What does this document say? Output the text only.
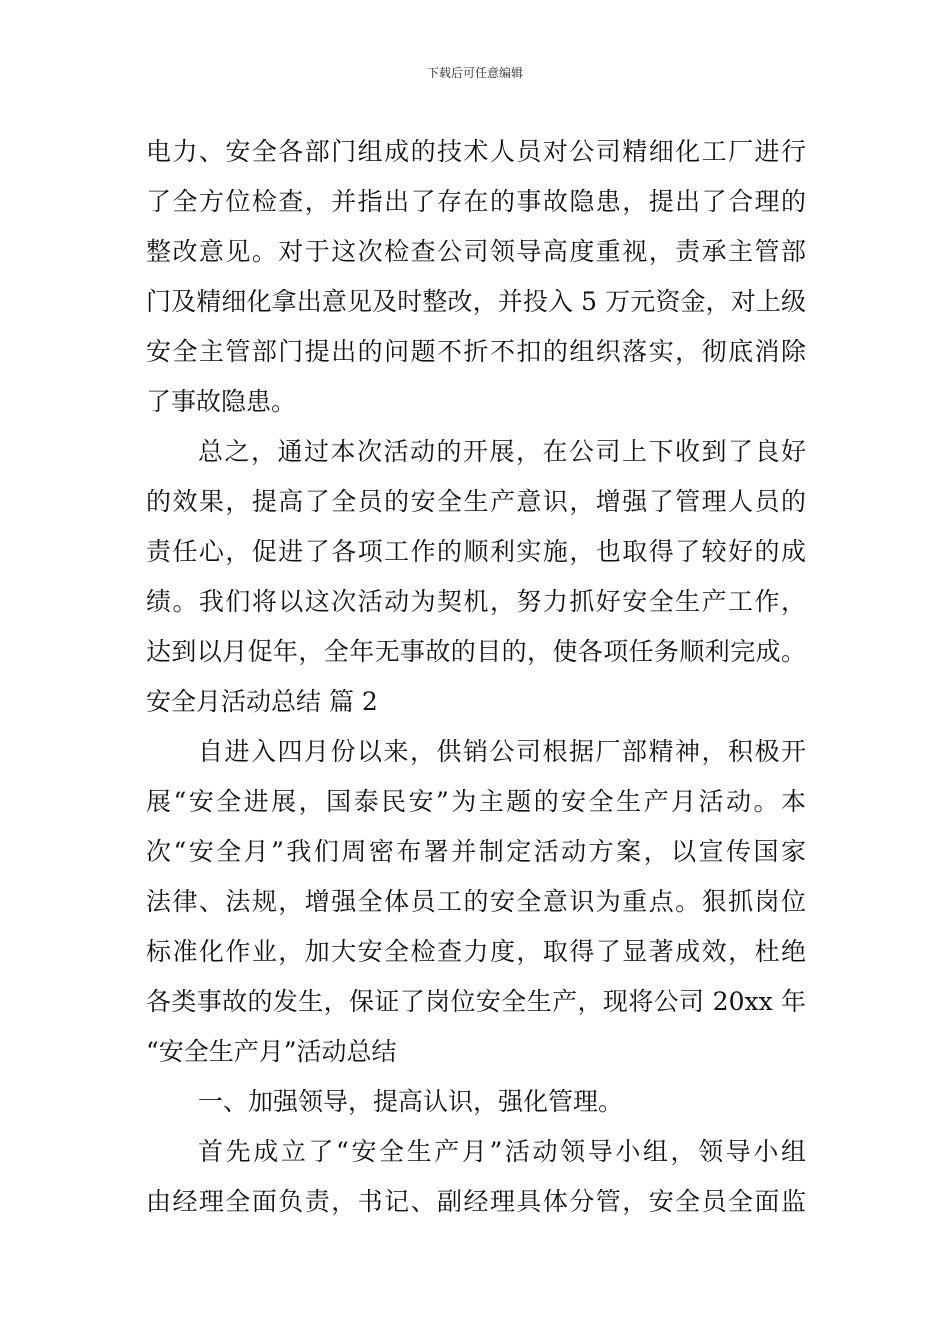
下载后可任意编辑
电力、安全各部门组成的技术人员对公司精细化工厂进行
了全方位检查，并指出了存在的事故隐患，提出了合理的
整改意见。对于这次检查公司领导高度重视，责承主管部
门及精细化拿出意见及时整改，并投入 5 万元资金，对上级
安全主管部门提出的问题不折不扣的组织落实，彻底消除
了事故隐患。
总之，通过本次活动的开展，在公司上下收到了良好
的效果，提高了全员的安全生产意识，增强了管理人员的
责任心，促进了各项工作的顺利实施，也取得了较好的成
绩。我们将以这次活动为契机，努力抓好安全生产工作，
达到以月促年，全年无事故的目的，使各项任务顺利完成。
安全月活动总结 篇 2
自进入四月份以来，供销公司根据厂部精神，积极开
展“安全进展，国泰民安”为主题的安全生产月活动。本
次“安全月”我们周密布署并制定活动方案，以宣传国家
法律、法规，增强全体员工的安全意识为重点。狠抓岗位
标准化作业，加大安全检查力度，取得了显著成效，杜绝
各类事故的发生，保证了岗位安全生产，现将公司 20xx 年
“安全生产月”活动总结
一、加强领导，提高认识，强化管理。
首先成立了“安全生产月”活动领导小组，领导小组
由经理全面负责，书记、副经理具体分管，安全员全面监
